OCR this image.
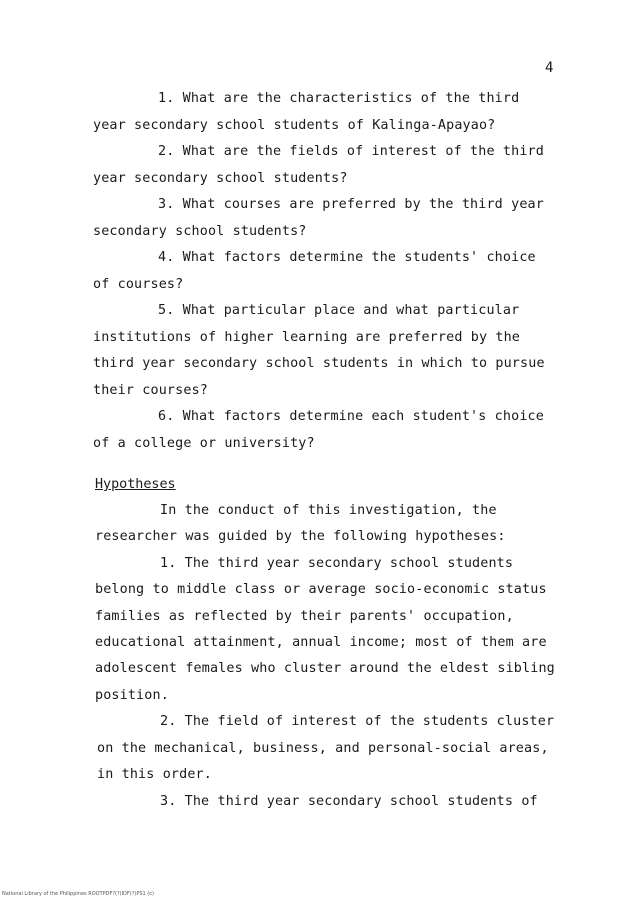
4
1. What are the characteristics of the third
year secondary school students of Kalinga-Apayao?
2. What are the fields of interest of the third
year secondary school students?
3. What courses are preferred by the third year
secondary school students?
4. What factors determine the students' choice
of courses?
5. What particular place and what particular
institutions of higher learning are preferred by the
third year secondary school students in which to pursue
their courses?
6. What factors determine each student's choice
of a college or university?
Hypotheses
In the conduct of this investigation, the
researcher was guided by the following hypotheses:
1. The third year secondary school students
belong to middle class or average socio-economic status
families as reflected by their parents' occupation,
educational attainment, annual income; most of them are
adolescent females who cluster around the eldest sibling
position.
2. The field of interest of the students cluster
on the mechanical, business, and personal-social areas,
in this order.
3. The third year secondary school students of
National Library of the Philippines ROOTPDF?(?)IDF(?)PS1 (c)
